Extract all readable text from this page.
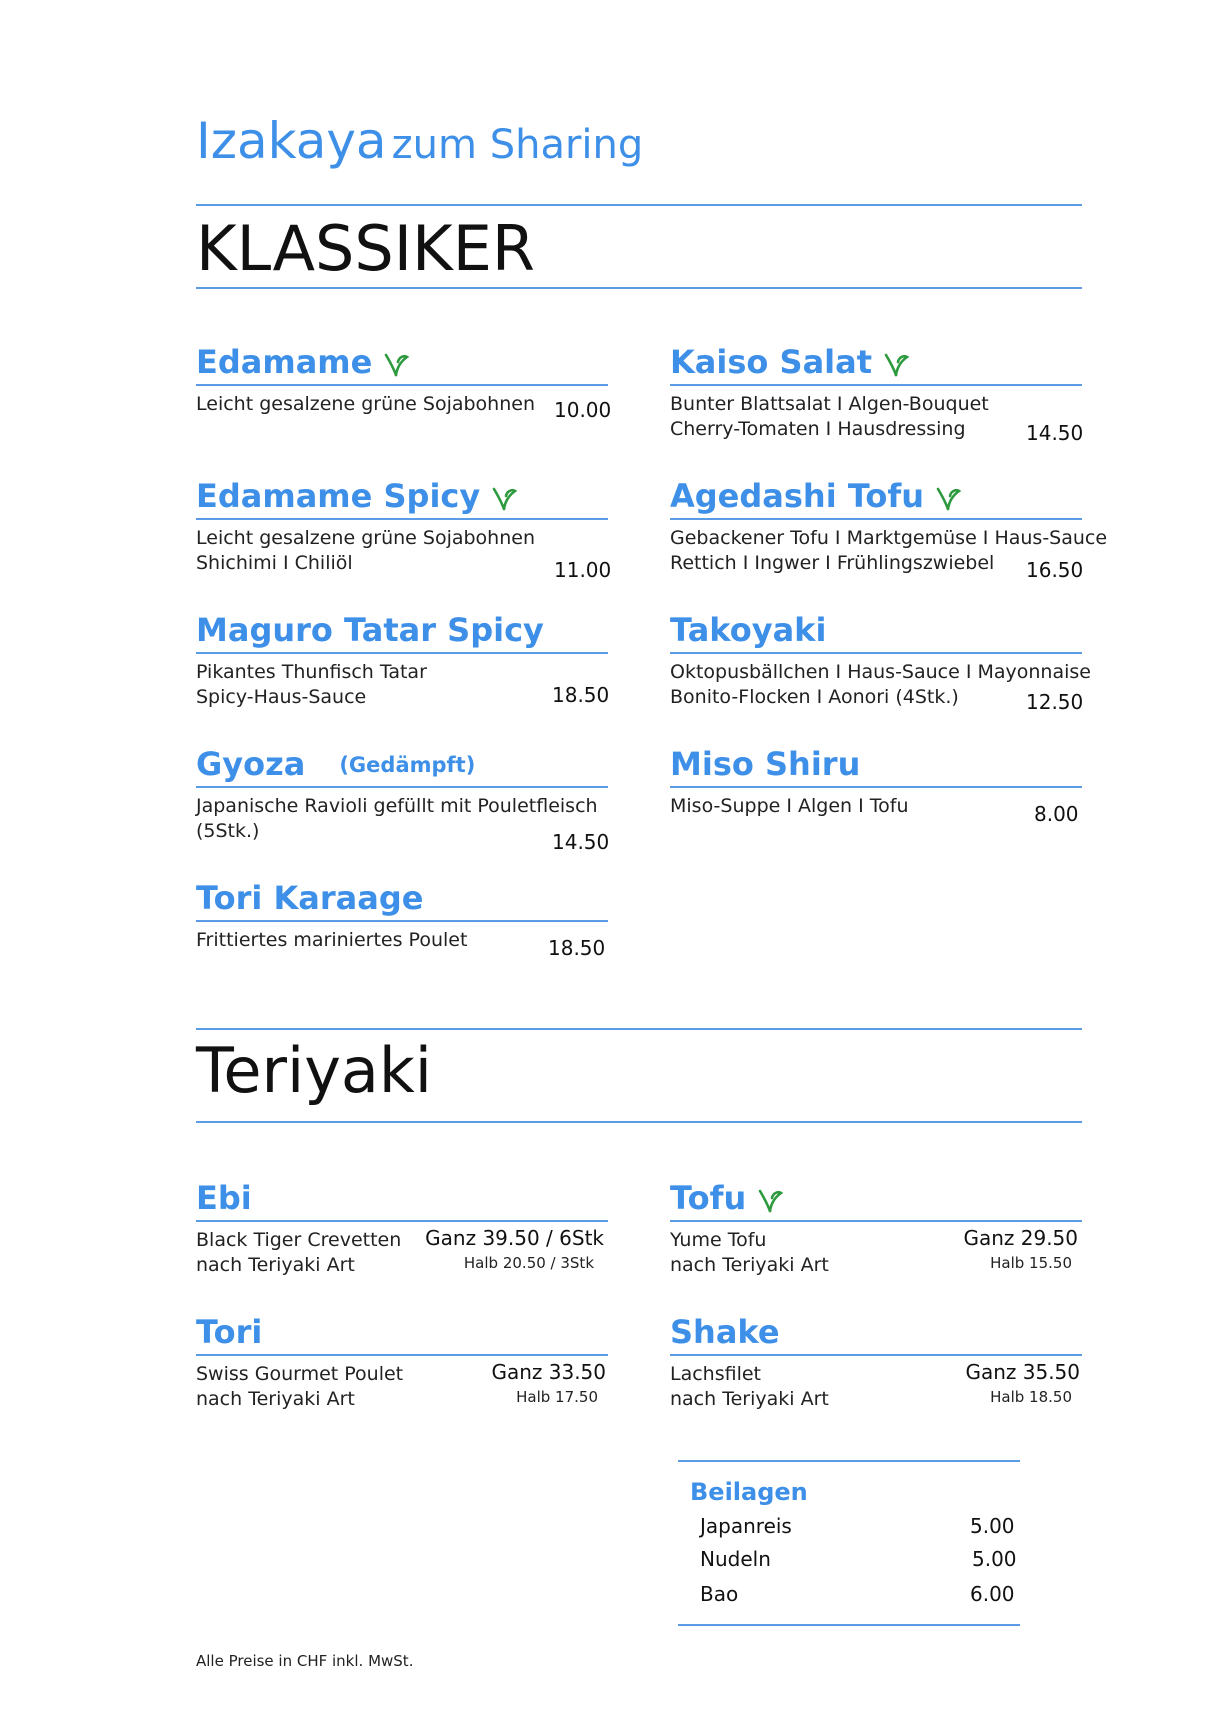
Izakaya zum Sharing
KLASSIKER
Edamame
Leicht gesalzene grüne Sojabohnen 10.00
Kaiso Salat
Bunter Blattsalat I Algen-Bouquet
Cherry-Tomaten I Hausdressing	14.50
Edamame Spicy
Leicht gesalzene grüne Sojabohnen
Shichimi I Chiliöl	11.00
Agedashi Tofu
Gebackener Tofu I Marktgemüse I Haus-Sauce
Rettich I Ingwer I Frühlingszwiebel	16.50
Maguro Tatar Spicy
Pikantes Thunfisch Tatar
Spicy-Haus-Sauce	18.50
Takoyaki
Oktopusbällchen I Haus-Sauce I Mayonnaise
Bonito-Flocken I Aonori (4Stk.)	12.50
Gyoza (Gedämpft)
Japanische Ravioli gefüllt mit Pouletfleisch
(5Stk.)	14.50
Miso Shiru
Miso-Suppe I Algen I Tofu	8.00
Tori Karaage
Frittiertes mariniertes Poulet	18.50
Teriyaki
Ebi
Black Tiger Crevetten
nach Teriyaki Art
Ganz 39.50 / 6Stk
Halb 20.50 / 3Stk
Tofu
Yume Tofu
nach Teriyaki Art
Ganz 29.50
Halb 15.50
Tori
Swiss Gourmet Poulet
nach Teriyaki Art
Ganz 33.50
Halb 17.50
Shake
Lachsfilet
nach Teriyaki Art
Ganz 35.50
Halb 18.50
Beilagen
Japanreis	5.00
Nudeln	5.00
Bao	6.00
Alle Preise in CHF inkl. MwSt.
